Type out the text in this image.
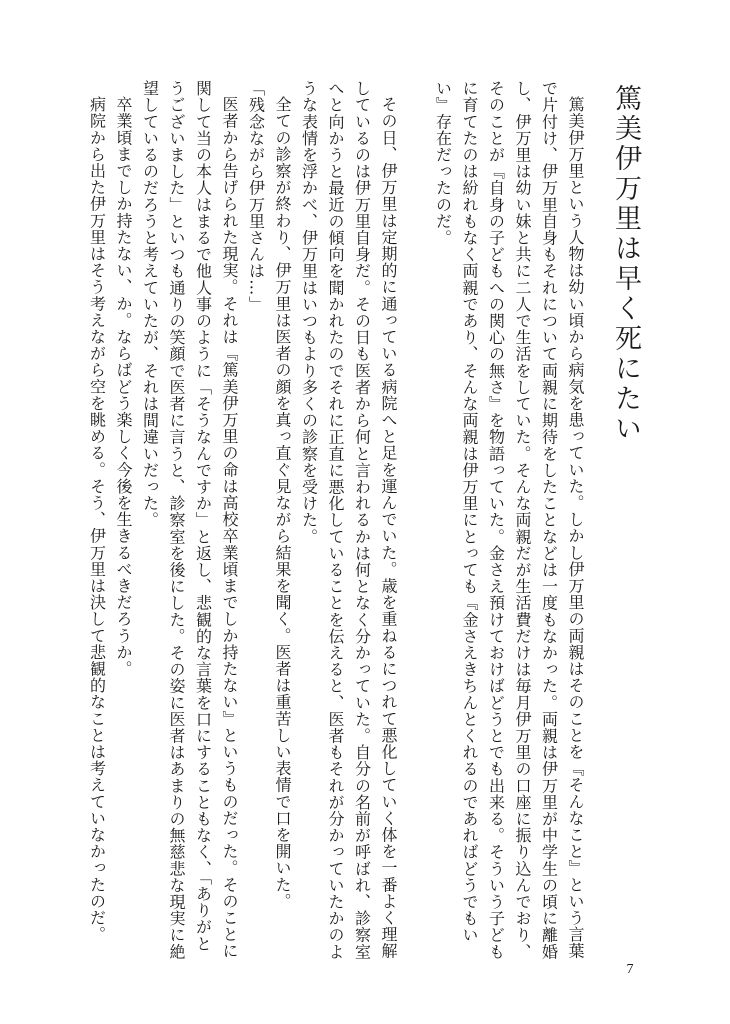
篤美伊万里は早く死にたい

篤美伊万里という人物は幼い頃から病気を患っていた。しかし伊万里の両親はそのことを『そんなこと』という言葉で片付け、伊万里自身もそれについて両親に期待をしたことなどは一度もなかった。両親は伊万里が中学生の頃に離婚し、伊万里は幼い妹と共に二人で生活をしていた。そんな両親だが生活費だけは毎月伊万里の口座に振り込んでおり、そのことが『自身の子どもへの関心の無さ』を物語っていた。金さえ預けておけばどうとでも出来る。そういう子どもに育てたのは紛れもなく両親であり、そんな両親は伊万里にとっても『金さえきちんとくれるのであればどうでもいい』存在だったのだ。

その日、伊万里は定期的に通っている病院へと足を運んでいた。歳を重ねるにつれて悪化していく体を一番よく理解しているのは伊万里自身だ。その日も医者から何と言われるかは何となく分かっていた。自分の名前が呼ばれ、診察室へと向かうと最近の傾向を聞かれたのでそれに正直に悪化していることを伝えると、医者もそれが分かっていたかのような表情を浮かべ、伊万里はいつもより多くの診察を受けた。

全ての診察が終わり、伊万里は医者の顔を真っ直ぐ見ながら結果を聞く。医者は重苦しい表情で口を開いた。

「残念ながら伊万里さんは…」

医者から告げられた現実。それは『篤美伊万里の命は高校卒業頃までしか持たない』というものだった。そのことに関して当の本人はまるで他人事のように「そうなんですか」と返し、悲観的な言葉を口にすることもなく、「ありがとうございました」といつも通りの笑顔で医者に言うと、診察室を後にした。その姿に医者はあまりの無慈悲な現実に絶望しているのだろうと考えていたが、それは間違いだった。

卒業頃までしか持たない、か。ならばどう楽しく今後を生きるべきだろうか。

病院から出た伊万里はそう考えながら空を眺める。そう、伊万里は決して悲観的なことは考えていなかったのだ。

7
